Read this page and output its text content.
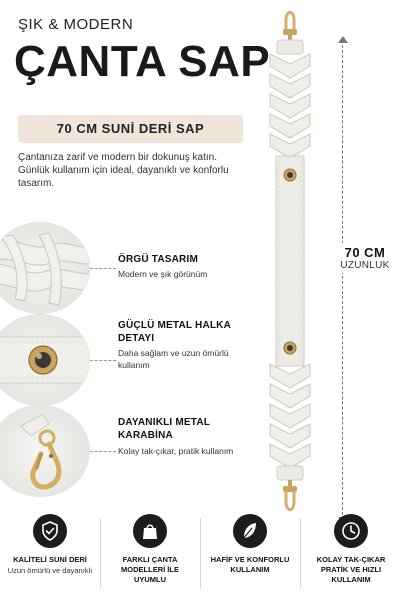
ŞIK & MODERN
ÇANTA SAP
70 CM SUNİ DERİ SAP
Çantanıza zarif ve modern bir dokunuş katın. Günlük kullanım için ideal, dayanıklı ve konforlu tasarım.
ÖRGÜ TASARIM
Modern ve şık görünüm
GÜÇLÜ METAL HALKA DETAYI
Daha sağlam ve uzun ömürlü kullanım
DAYANIKLI METAL KARABİNA
Kolay tak-çıkar, pratik kullanım
70 CM
UZUNLUK
KALİTELİ SUNİ DERİ
Uzun ömürlü ve dayanıklı
FARKLI ÇANTA MODELLERİ İLE UYUMLU
HAFİF VE KONFORLU KULLANIM
KOLAY TAK-ÇIKAR PRATİK VE HIZLI KULLANIM
